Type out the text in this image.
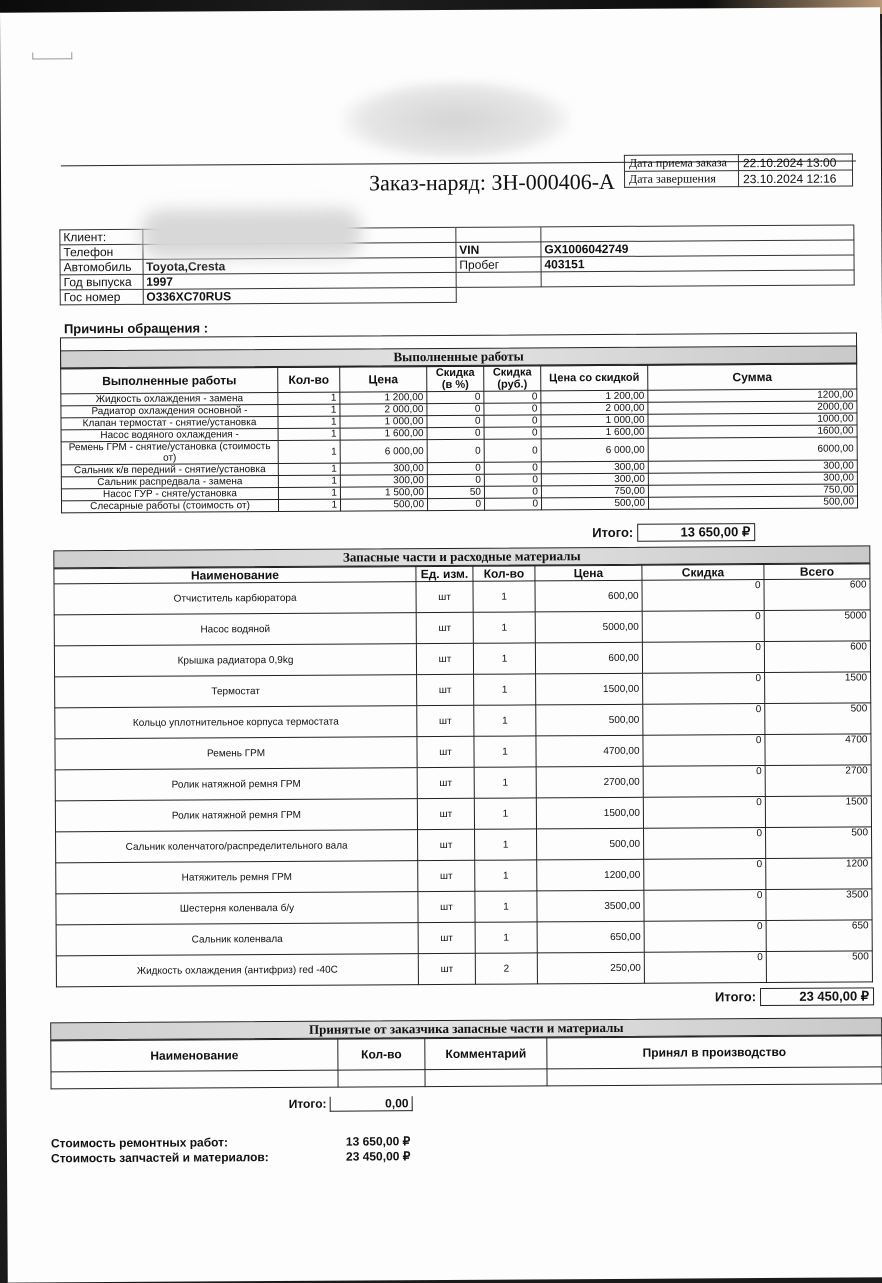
Заказ-наряд: ЗН-000406-А
Дата приема заказа	22.10.2024 13:00
Дата завершения	23.10.2024 12:16

Клиент:			
Телефон		VIN	GX1006042749
Автомобиль	Toyota,Cresta	Пробег	403151
Год выпуска	1997		
Гос номер	O336XC70RUS		
Причины обращения :
Выполненные работы
Выполненные работы	Кол-во	Цена	Скидка (в %)	Скидка (руб.)	Цена со скидкой	Сумма
Жидкость охлаждения - замена	1	1 200,00	0	0	1 200,00	1200,00
Радиатор охлаждения основной -	1	2 000,00	0	0	2 000,00	2000,00
Клапан термостат - снятие/установка	1	1 000,00	0	0	1 000,00	1000,00
Насос водяного охлаждения -	1	1 600,00	0	0	1 600,00	1600,00
Ремень ГРМ - снятие/установка (стоимость от)	1	6 000,00	0	0	6 000,00	6000,00
Сальник к/в передний - снятие/установка	1	300,00	0	0	300,00	300,00
Сальник распредвала - замена	1	300,00	0	0	300,00	300,00
Насос ГУР - снятe/установка	1	1 500,00	50	0	750,00	750,00
Слесарные работы (стоимость от)	1	500,00	0	0	500,00	500,00
Итого:	13 650,00 ₽
Запасные части и расходные материалы
Наименование	Ед. изм.	Кол-во	Цена	Скидка	Всего
Отчиститель карбюратора	шт	1	600,00	0	600
Насос водяной	шт	1	5000,00	0	5000
Крышка радиатора 0,9kg	шт	1	600,00	0	600
Термостат	шт	1	1500,00	0	1500
Кольцо уплотнительное корпуса термостата	шт	1	500,00	0	500
Ремень ГРМ	шт	1	4700,00	0	4700
Ролик натяжной ремня ГРМ	шт	1	2700,00	0	2700
Ролик натяжной ремня ГРМ	шт	1	1500,00	0	1500
Сальник коленчатого/распределительного вала	шт	1	500,00	0	500
Натяжитель ремня ГРМ	шт	1	1200,00	0	1200
Шестерня коленвала б/у	шт	1	3500,00	0	3500
Сальник коленвала	шт	1	650,00	0	650
Жидкость охлаждения (антифриз) red -40C	шт	2	250,00	0	500
Итого:	23 450,00 ₽
Принятые от заказчика запасные части и материалы
Наименование	Кол-во	Комментарий	Принял в производство

Итого:	0,00
Стоимость ремонтных работ:	13 650,00 ₽
Стоимость запчастей и материалов:	23 450,00 ₽
